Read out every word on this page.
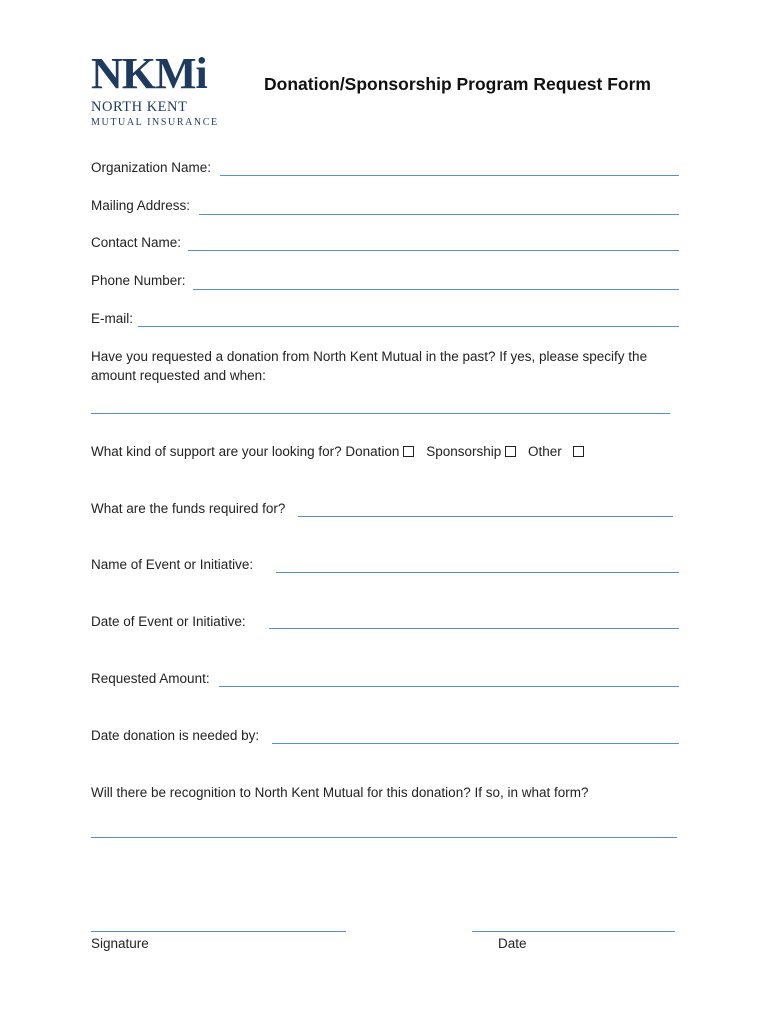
NKMi
NORTH KENT
MUTUAL INSURANCE
Donation/Sponsorship Program Request Form
Organization Name:
Mailing Address:
Contact Name:
Phone Number:
E-mail:
Have you requested a donation from North Kent Mutual in the past? If yes, please specify the amount requested and when:
What kind of support are your looking for? Donation Sponsorship Other
What are the funds required for?
Name of Event or Initiative:
Date of Event or Initiative:
Requested Amount:
Date donation is needed by:
Will there be recognition to North Kent Mutual for this donation? If so, in what form?
Signature	Date
